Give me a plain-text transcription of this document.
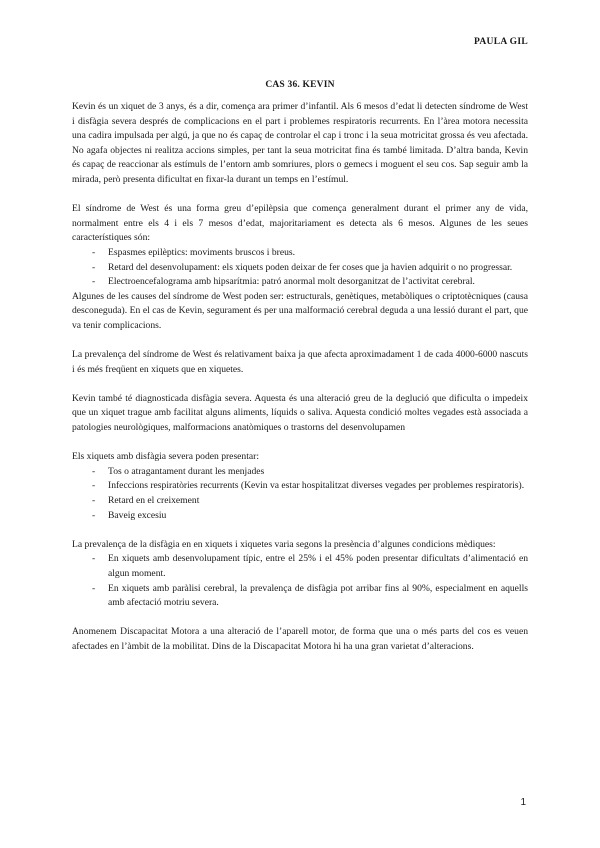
PAULA GIL
CAS 36. KEVIN

Kevin és un xiquet de 3 anys, és a dir, comença ara primer d’infantil. Als 6 mesos d’edat li detecten síndrome de West i disfàgia severa després de complicacions en el part i problemes respiratoris recurrents. En l’àrea motora necessita una cadira impulsada per algú, ja que no és capaç de controlar el cap i tronc i la seua motricitat grossa és veu afectada. No agafa objectes ni realitza accions simples, per tant la seua motricitat fina és també limitada. D’altra banda, Kevin és capaç de reaccionar als estímuls de l’entorn amb somriures, plors o gemecs i moguent el seu cos. Sap seguir amb la mirada, però presenta dificultat en fixar-la durant un temps en l’estímul.

El síndrome de West és una forma greu d’epilèpsia que comença generalment durant el primer any de vida, normalment entre els 4 i els 7 mesos d’edat, majoritariament es detecta als 6 mesos. Algunes de les seues característiques són:

- Espasmes epilèptics: moviments bruscos i breus.
- Retard del desenvolupament: els xiquets poden deixar de fer coses que ja havien adquirit o no progressar.
- Electroencefalograma amb hipsarítmia: patró anormal molt desorganitzat de l’activitat cerebral.

Algunes de les causes del síndrome de West poden ser: estructurals, genètiques, metabòliques o criptotècniques (causa desconeguda). En el cas de Kevin, segurament és per una malformació cerebral deguda a una lessió durant el part, que va tenir complicacions.

La prevalença del síndrome de West és relativament baixa ja que afecta aproximadament 1 de cada 4000-6000 nascuts i és més freqüent en xiquets que en xiquetes.

Kevin també té diagnosticada disfàgia severa. Aquesta és una alteració greu de la deglució que dificulta o impedeix que un xiquet trague amb facilitat alguns aliments, líquids o saliva. Aquesta condició moltes vegades està associada a patologies neurològiques, malformacions anatòmiques o trastorns del desenvolupamen

Els xiquets amb disfàgia severa poden presentar:

- Tos o atragantament durant les menjades
- Infeccions respiratòries recurrents (Kevin va estar hospitalitzat diverses vegades per problemes respiratoris).
- Retard en el creixement
- Baveig excesiu

La prevalença de la disfàgia en en xiquets i xiquetes varia segons la presència d’algunes condicions mèdiques:

- En xiquets amb desenvolupament típic, entre el 25% i el 45% poden presentar dificultats d’alimentació en algun moment.
- En xiquets amb paràlisi cerebral, la prevalença de disfàgia pot arribar fins al 90%, especialment en aquells amb afectació motriu severa.

Anomenem Discapacitat Motora a una alteració de l’aparell motor, de forma que una o més parts del cos es veuen afectades en l’àmbit de la mobilitat. Dins de la Discapacitat Motora hi ha una gran varietat d’alteracions.

1
